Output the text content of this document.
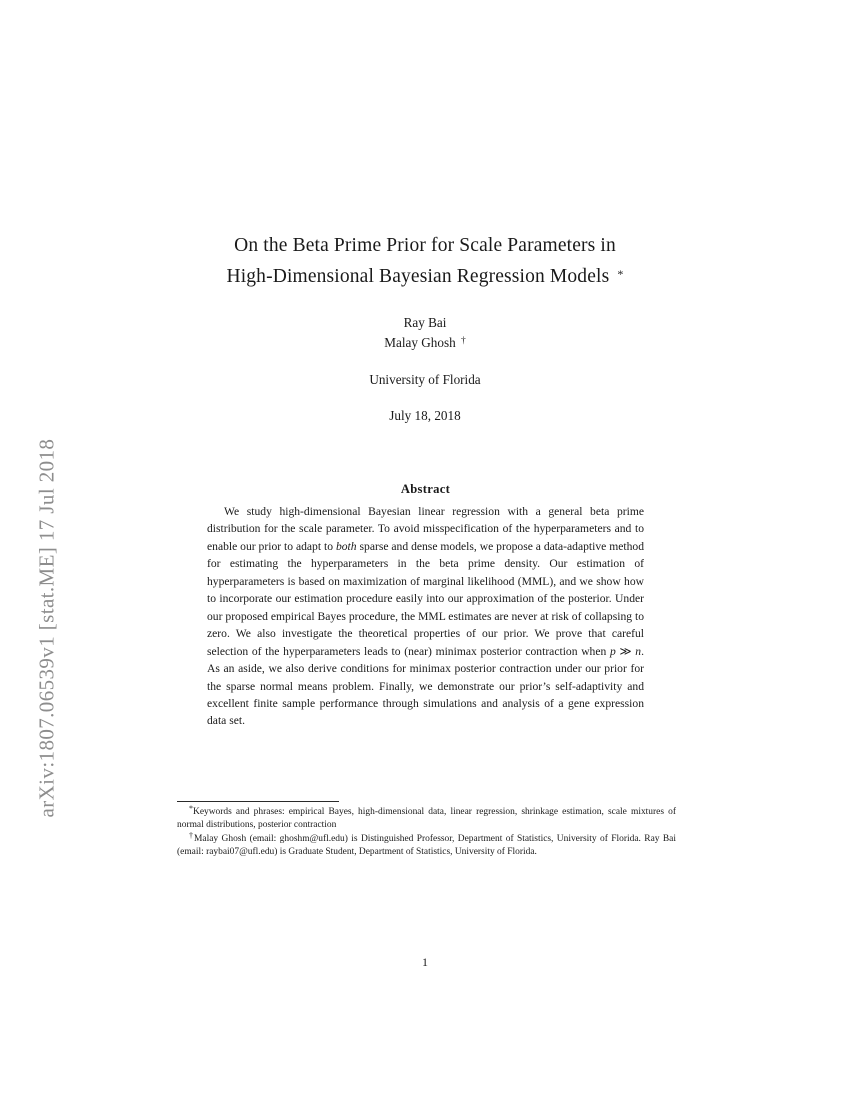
arXiv:1807.06539v1 [stat.ME] 17 Jul 2018
On the Beta Prime Prior for Scale Parameters in
High-Dimensional Bayesian Regression Models *
Ray Bai
Malay Ghosh †
University of Florida
July 18, 2018
Abstract
We study high-dimensional Bayesian linear regression with a general beta prime distribution for the scale parameter. To avoid misspecification of the hyperparameters and to enable our prior to adapt to both sparse and dense models, we propose a data-adaptive method for estimating the hyperparameters in the beta prime density. Our estimation of hyperparameters is based on maximization of marginal likelihood (MML), and we show how to incorporate our estimation procedure easily into our approximation of the posterior. Under our proposed empirical Bayes procedure, the MML estimates are never at risk of collapsing to zero. We also investigate the theoretical properties of our prior. We prove that careful selection of the hyperparameters leads to (near) minimax posterior contraction when p ≫ n. As an aside, we also derive conditions for minimax posterior contraction under our prior for the sparse normal means problem. Finally, we demonstrate our prior’s self-adaptivity and excellent finite sample performance through simulations and analysis of a gene expression data set.

*Keywords and phrases: empirical Bayes, high-dimensional data, linear regression, shrinkage estimation, scale mixtures of normal distributions, posterior contraction

†Malay Ghosh (email: ghoshm@ufl.edu) is Distinguished Professor, Department of Statistics, University of Florida. Ray Bai (email: raybai07@ufl.edu) is Graduate Student, Department of Statistics, University of Florida.

1
